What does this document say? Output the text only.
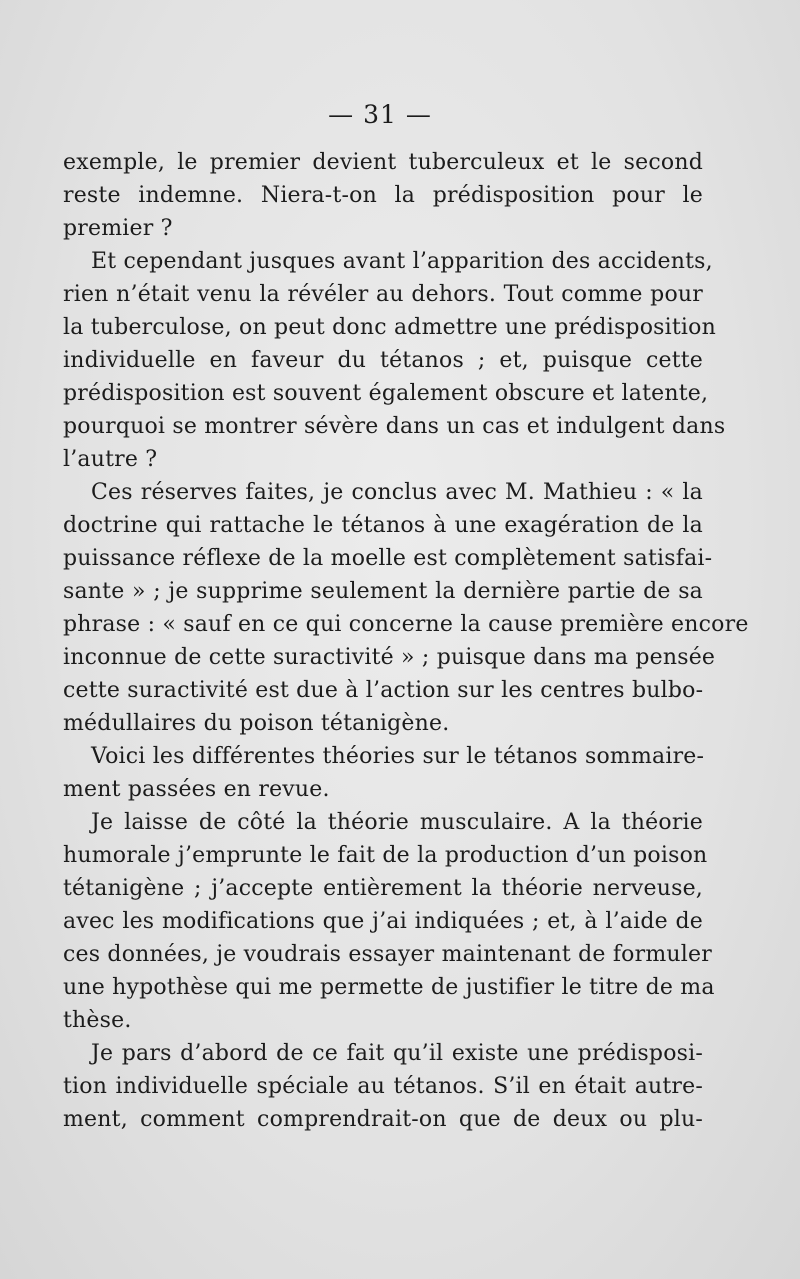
— 31 —
exemple, le premier devient tuberculeux et le second
reste indemne. Niera-t-on la prédisposition pour le
premier ?
Et cependant jusques avant l’apparition des accidents,
rien n’était venu la révéler au dehors. Tout comme pour
la tuberculose, on peut donc admettre une prédisposition
individuelle en faveur du tétanos ; et, puisque cette
prédisposition est souvent également obscure et latente,
pourquoi se montrer sévère dans un cas et indulgent dans
l’autre ?
Ces réserves faites, je conclus avec M. Mathieu : « la
doctrine qui rattache le tétanos à une exagération de la
puissance réflexe de la moelle est complètement satisfai-
sante » ; je supprime seulement la dernière partie de sa
phrase : « sauf en ce qui concerne la cause première encore
inconnue de cette suractivité » ; puisque dans ma pensée
cette suractivité est due à l’action sur les centres bulbo-
médullaires du poison tétanigène.
Voici les différentes théories sur le tétanos sommaire-
ment passées en revue.
Je laisse de côté la théorie musculaire. A la théorie
humorale j’emprunte le fait de la production d’un poison
tétanigène ; j’accepte entièrement la théorie nerveuse,
avec les modifications que j’ai indiquées ; et, à l’aide de
ces données, je voudrais essayer maintenant de formuler
une hypothèse qui me permette de justifier le titre de ma
thèse.
Je pars d’abord de ce fait qu’il existe une prédisposi-
tion individuelle spéciale au tétanos. S’il en était autre-
ment, comment comprendrait-on que de deux ou plu-
